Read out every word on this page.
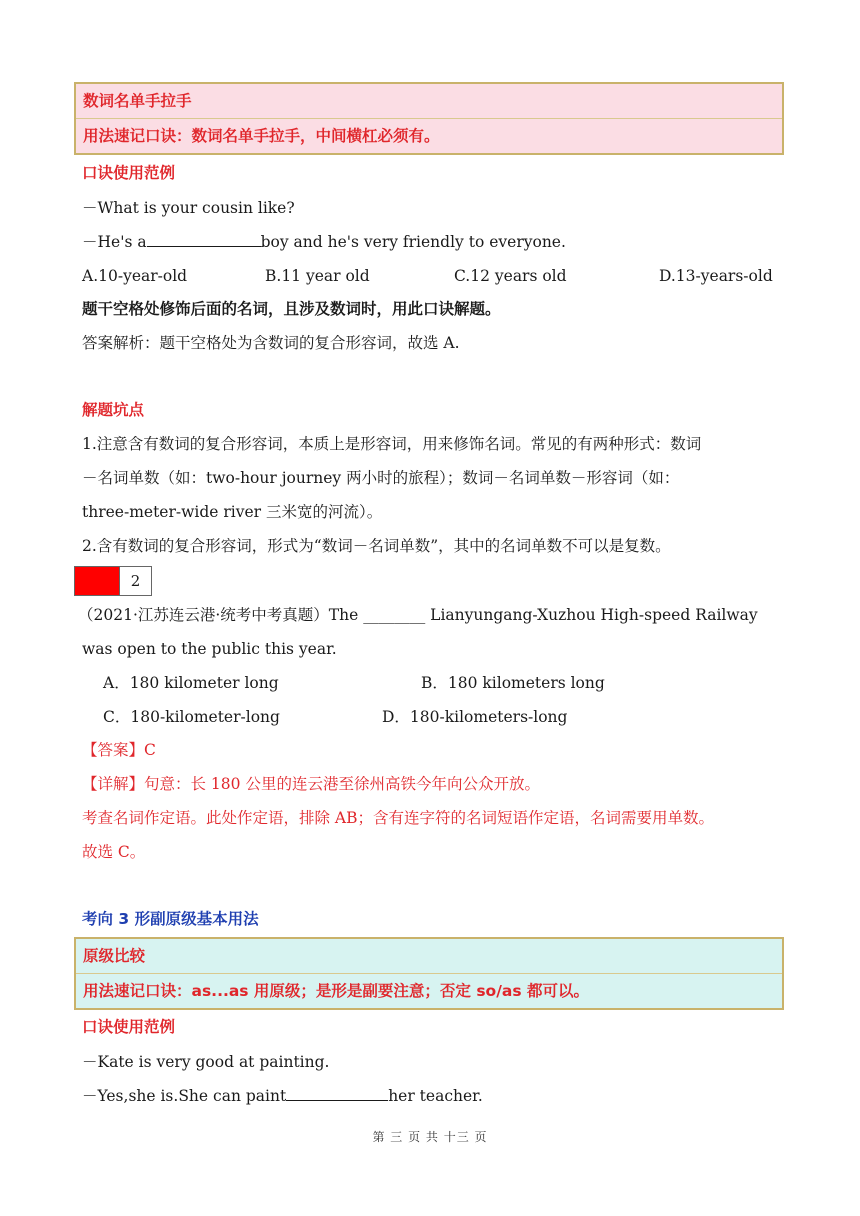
数词名单手拉手
用法速记口诀：数词名单手拉手，中间横杠必须有。
口诀使用范例
－What is your cousin like?
－He's a	boy and he's very friendly to everyone.
A.10-year-old	B.11 year old	C.12 years old	D.13-years-old
题干空格处修饰后面的名词，且涉及数词时，用此口诀解题。
答案解析：题干空格处为含数词的复合形容词，故选 A.
解题坑点
1.注意含有数词的复合形容词，本质上是形容词，用来修饰名词。常见的有两种形式：数词
－名词单数（如：two-hour journey 两小时的旅程）；数词－名词单数－形容词（如：
three-meter-wide river 三米宽的河流）。
2.含有数词的复合形容词，形式为“数词－名词单数”，其中的名词单数不可以是复数。
2
（2021·江苏连云港·统考中考真题）The ________ Lianyungang-Xuzhou High-speed Railway
was open to the public this year.
A．180 kilometer long	B．180 kilometers long
C．180-kilometer-long	D．180-kilometers-long
【答案】C
【详解】句意：长 180 公里的连云港至徐州高铁今年向公众开放。
考查名词作定语。此处作定语，排除 AB；含有连字符的名词短语作定语，名词需要用单数。
故选 C。
考向 3 形副原级基本用法
原级比较
用法速记口诀：as...as 用原级；是形是副要注意；否定 so/as 都可以。
口诀使用范例
－Kate is very good at painting.
－Yes,she is.She can paint	her teacher.
第 三 页 共 十三 页
